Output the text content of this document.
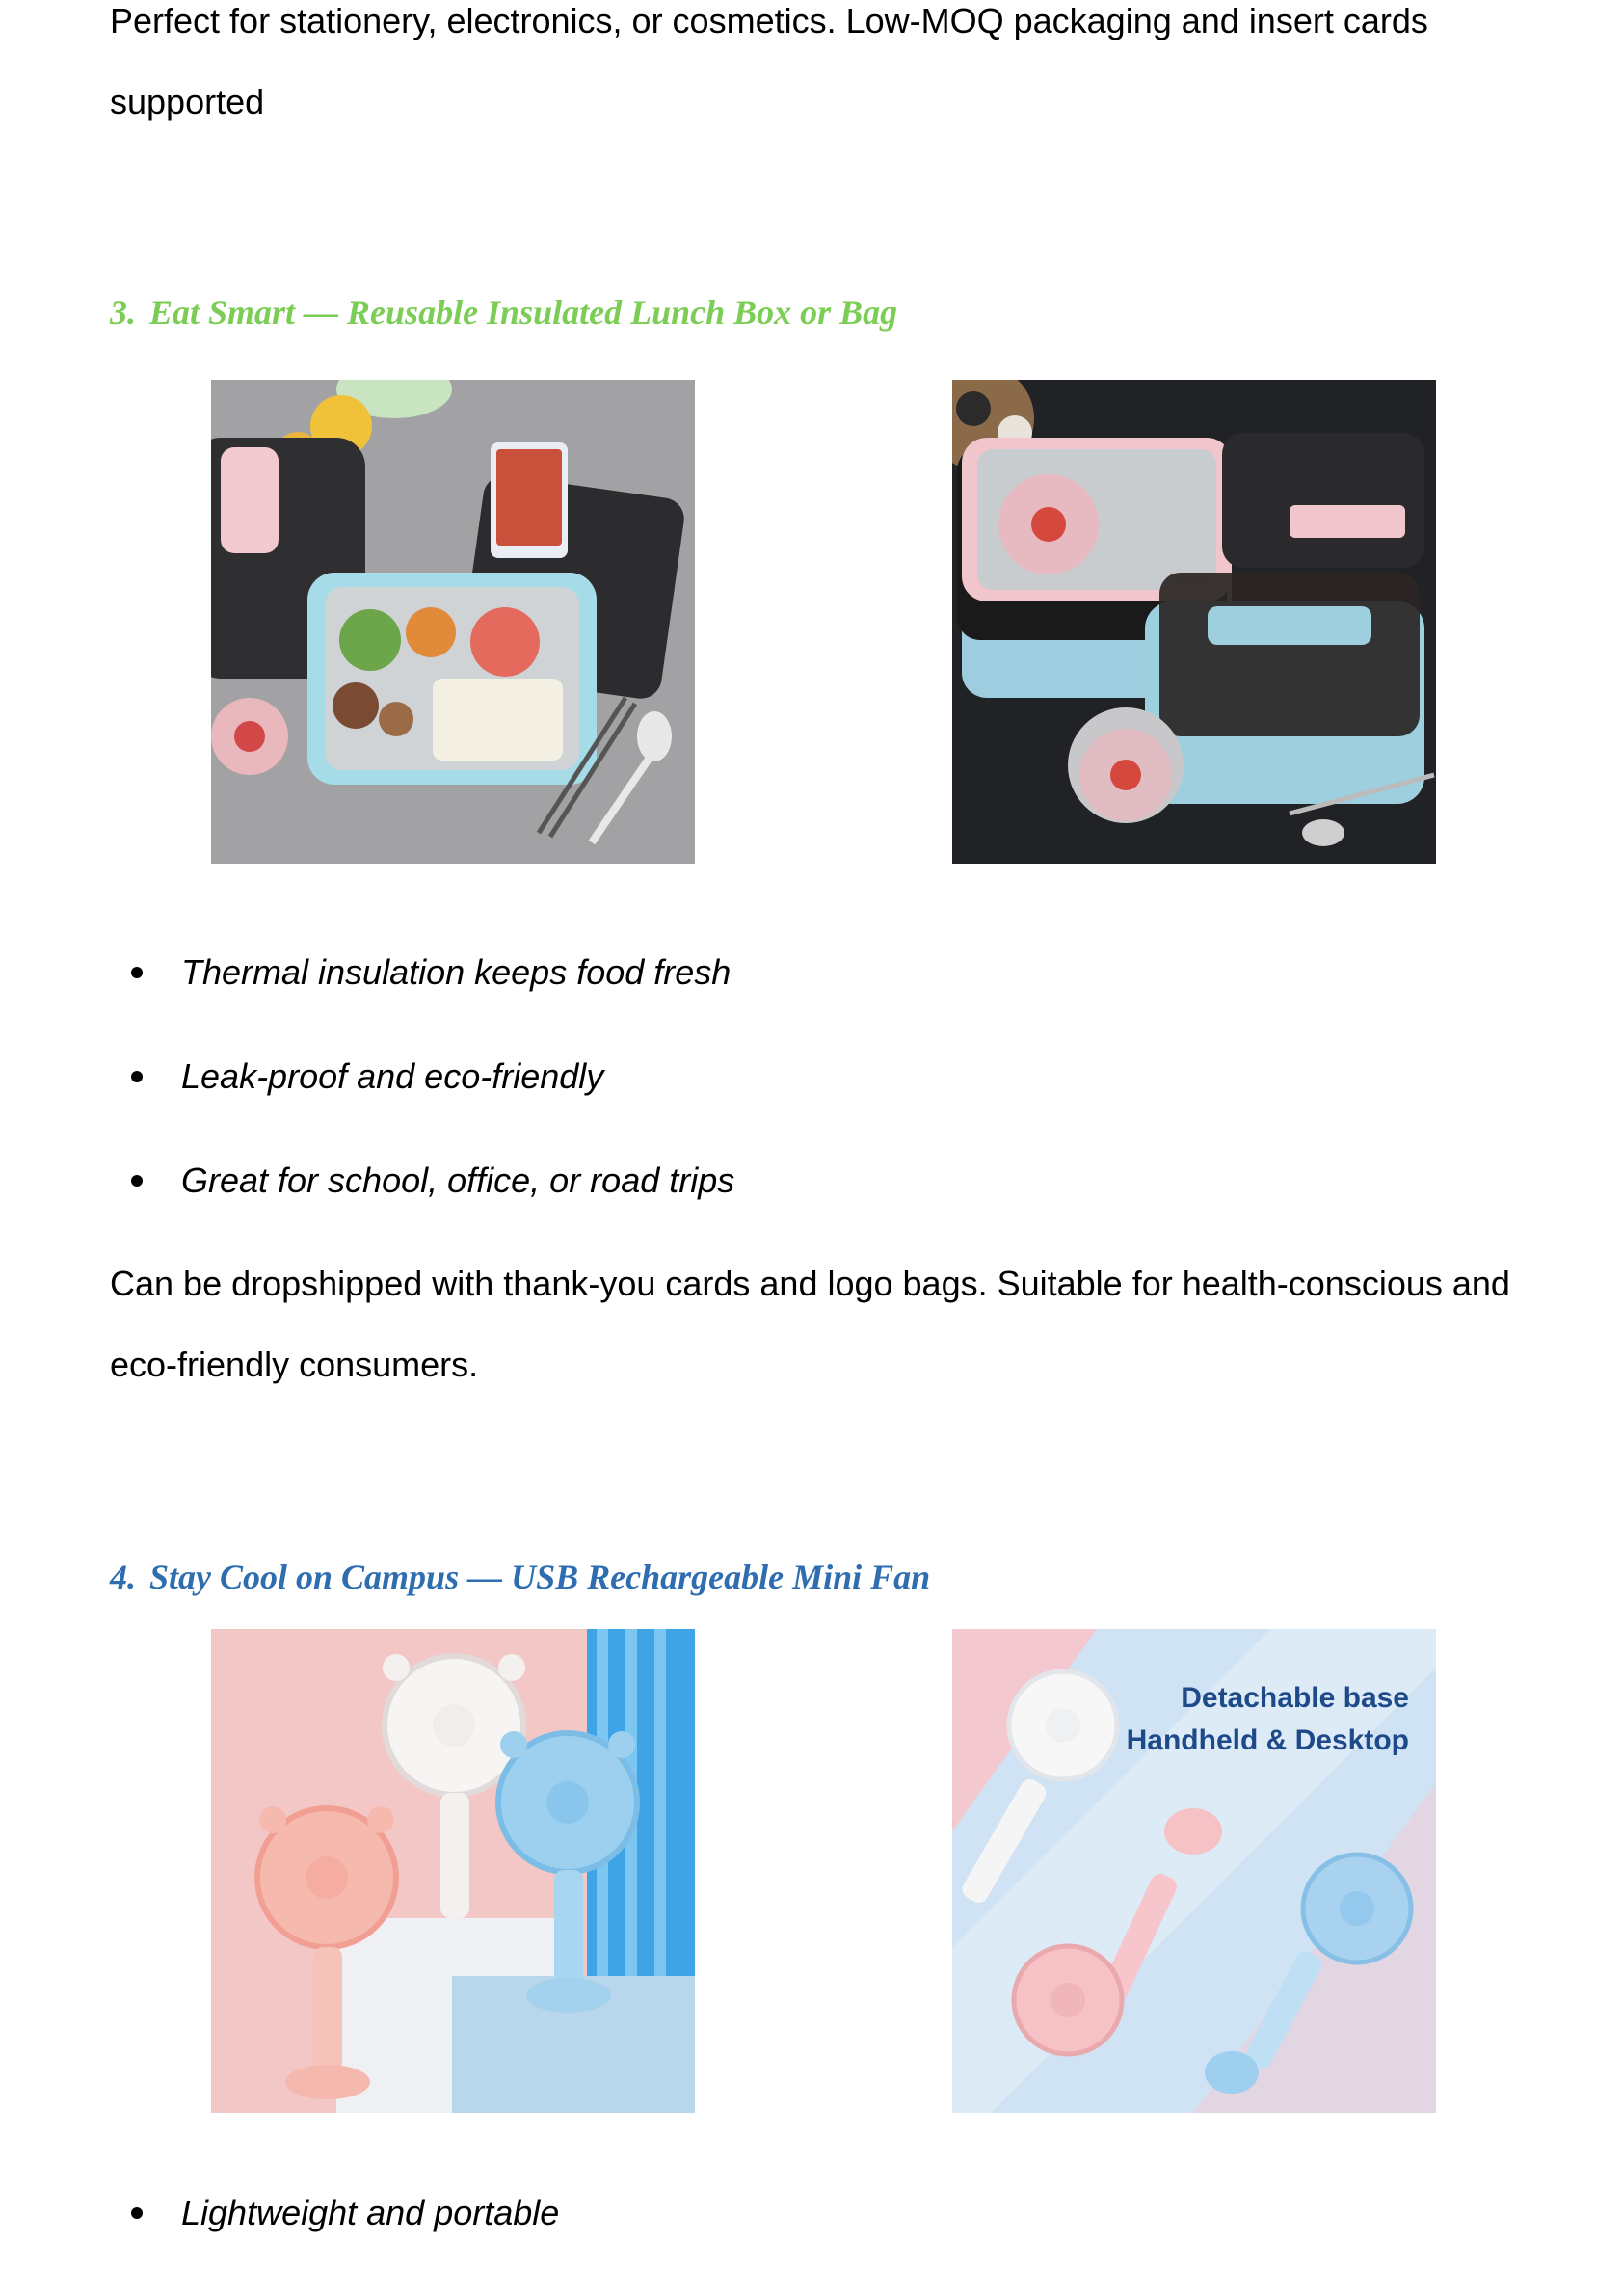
Perfect for stationery, electronics, or cosmetics. Low-MOQ packaging and insert cards supported

3. Eat Smart — Reusable Insulated Lunch Box or Bag
Thermal insulation keeps food fresh
Leak-proof and eco-friendly
Great for school, office, or road trips

Can be dropshipped with thank-you cards and logo bags. Suitable for health-conscious and eco-friendly consumers.

4. Stay Cool on Campus — USB Rechargeable Mini Fan
Detachable base
Handheld & Desktop
Lightweight and portable
